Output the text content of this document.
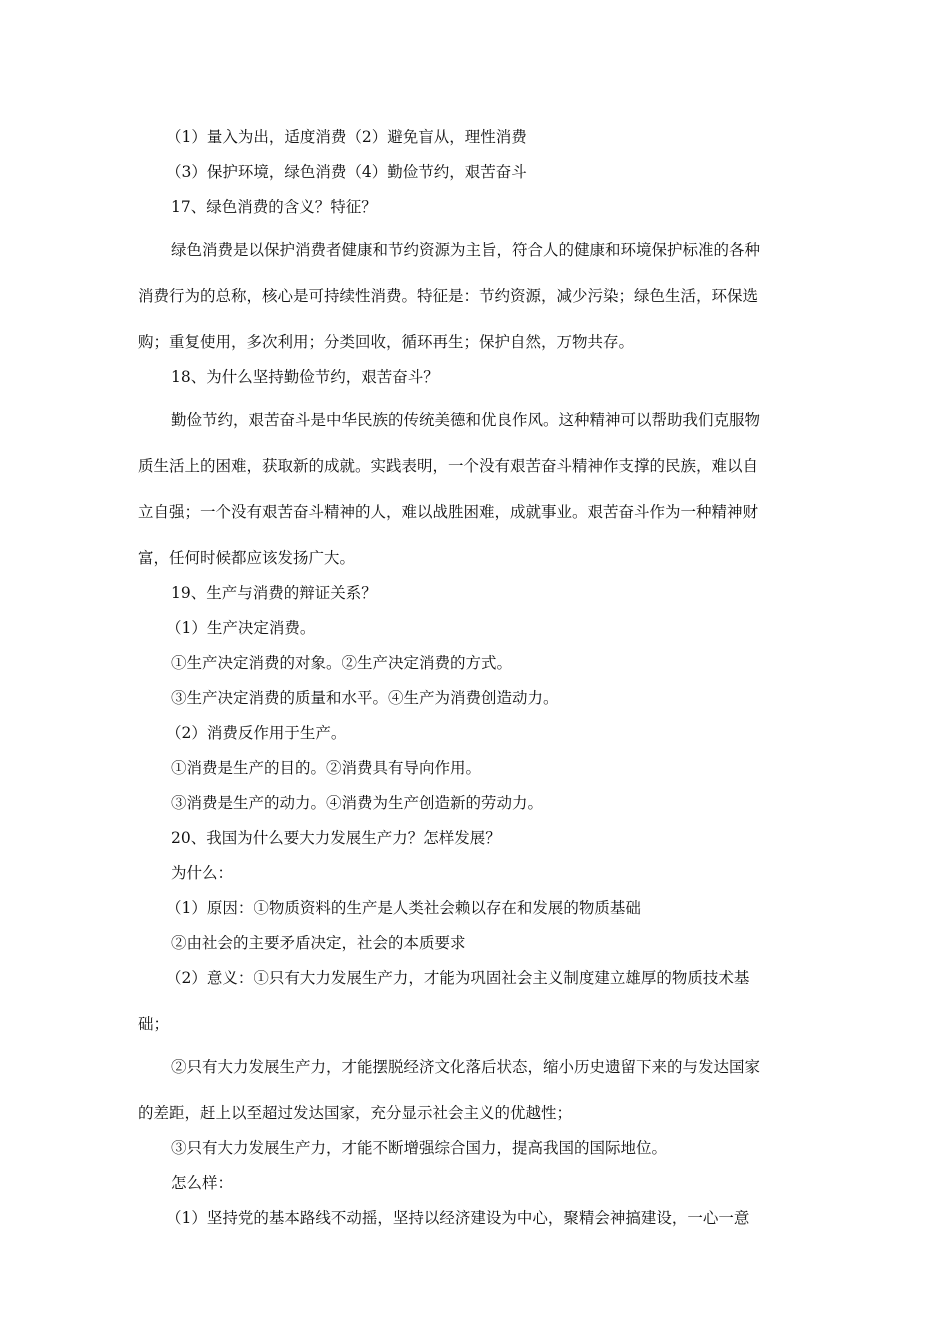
（1）量入为出，适度消费（2）避免盲从，理性消费
（3）保护环境，绿色消费（4）勤俭节约，艰苦奋斗
17、绿色消费的含义？特征？
绿色消费是以保护消费者健康和节约资源为主旨，符合人的健康和环境保护标准的各种
消费行为的总称，核心是可持续性消费。特征是：节约资源，减少污染；绿色生活，环保选
购；重复使用，多次利用；分类回收，循环再生；保护自然，万物共存。
18、为什么坚持勤俭节约，艰苦奋斗？
勤俭节约，艰苦奋斗是中华民族的传统美德和优良作风。这种精神可以帮助我们克服物
质生活上的困难，获取新的成就。实践表明，一个没有艰苦奋斗精神作支撑的民族，难以自
立自强；一个没有艰苦奋斗精神的人，难以战胜困难，成就事业。艰苦奋斗作为一种精神财
富，任何时候都应该发扬广大。
19、生产与消费的辩证关系？
（1）生产决定消费。
①生产决定消费的对象。②生产决定消费的方式。
③生产决定消费的质量和水平。④生产为消费创造动力。
（2）消费反作用于生产。
①消费是生产的目的。②消费具有导向作用。
③消费是生产的动力。④消费为生产创造新的劳动力。
20、我国为什么要大力发展生产力？怎样发展？
为什么：
（1）原因：①物质资料的生产是人类社会赖以存在和发展的物质基础
②由社会的主要矛盾决定，社会的本质要求
（2）意义：①只有大力发展生产力，才能为巩固社会主义制度建立雄厚的物质技术基
础；
②只有大力发展生产力，才能摆脱经济文化落后状态，缩小历史遗留下来的与发达国家
的差距，赶上以至超过发达国家，充分显示社会主义的优越性；
③只有大力发展生产力，才能不断增强综合国力，提高我国的国际地位。
怎么样：
（1）坚持党的基本路线不动摇，坚持以经济建设为中心，聚精会神搞建设，一心一意
